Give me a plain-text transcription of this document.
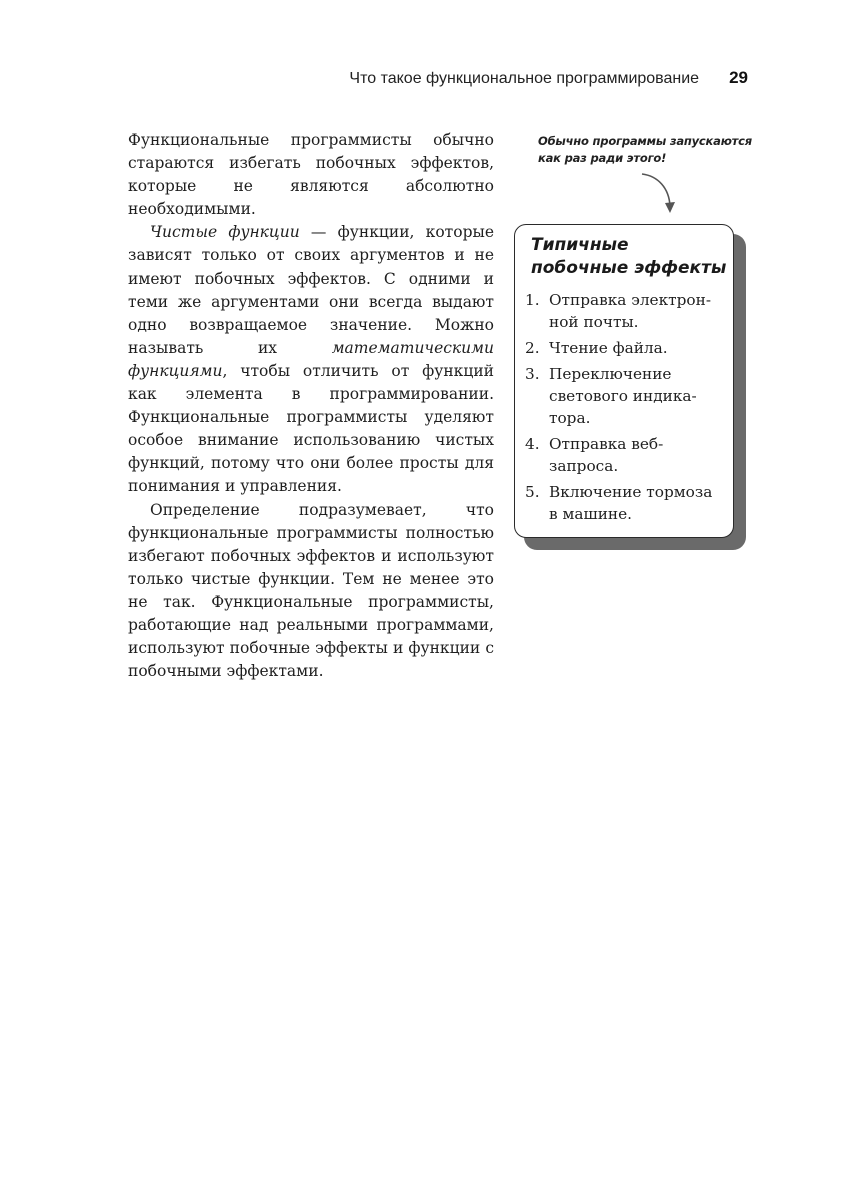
Что такое функциональное программирование 29

Функциональные программисты обычно стараются избегать побочных эффектов, которые не являются абсолютно необходимыми.

Чистые функции — функции, которые зависят только от своих аргументов и не имеют побочных эффектов. С одними и теми же аргументами они всегда выдают одно возвращаемое значение. Можно называть их математическими функциями, чтобы отличить от функций как элемента в программировании. Функциональные программисты уделяют особое внимание использованию чистых функций, потому что они более просты для понимания и управления.

Определение подразумевает, что функциональные программисты полностью избегают побочных эффектов и используют только чистые функции. Тем не менее это не так. Функциональные программисты, работающие над реальными программами, используют побочные эффекты и функции с побочными эффектами.

Обычно программы запускаются
как раз ради этого!
Типичные побочные эффекты
1. Отправка электронной почты.
2. Чтение файла.
3. Переключение светового индикатора.
4. Отправка веб-запроса.
5. Включение тормоза в машине.
